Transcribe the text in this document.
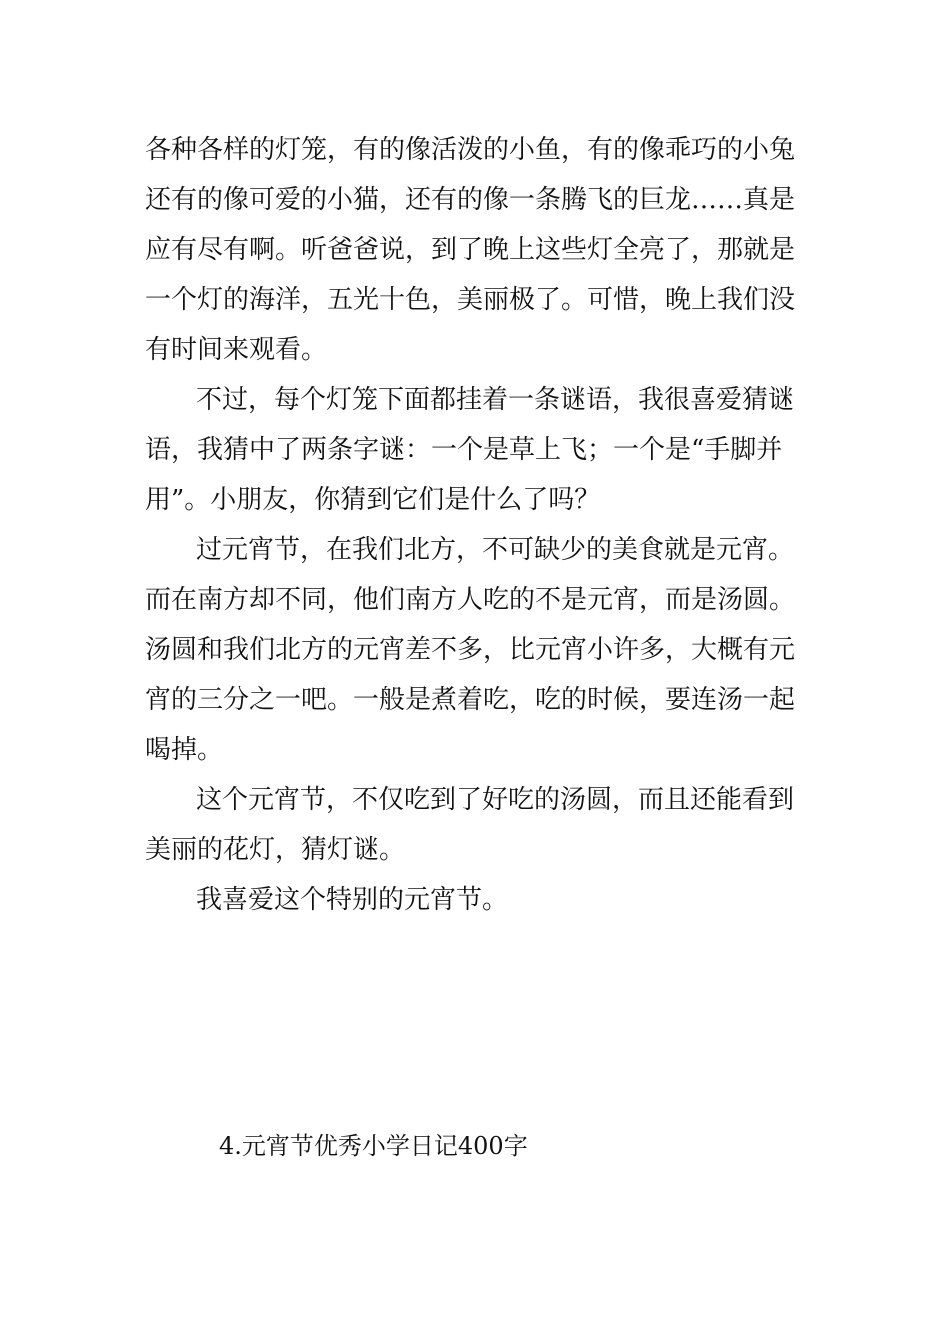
各种各样的灯笼，有的像活泼的小鱼，有的像乖巧的小兔
还有的像可爱的小猫，还有的像一条腾飞的巨龙……真是
应有尽有啊。听爸爸说，到了晚上这些灯全亮了，那就是
一个灯的海洋，五光十色，美丽极了。可惜，晚上我们没
有时间来观看。
不过，每个灯笼下面都挂着一条谜语，我很喜爱猜谜
语，我猜中了两条字谜：一个是草上飞；一个是“手脚并
用”。小朋友，你猜到它们是什么了吗？
过元宵节，在我们北方，不可缺少的美食就是元宵。
而在南方却不同，他们南方人吃的不是元宵，而是汤圆。
汤圆和我们北方的元宵差不多，比元宵小许多，大概有元
宵的三分之一吧。一般是煮着吃，吃的时候，要连汤一起
喝掉。
这个元宵节，不仅吃到了好吃的汤圆，而且还能看到
美丽的花灯，猜灯谜。
我喜爱这个特别的元宵节。
4.元宵节优秀小学日记400字
